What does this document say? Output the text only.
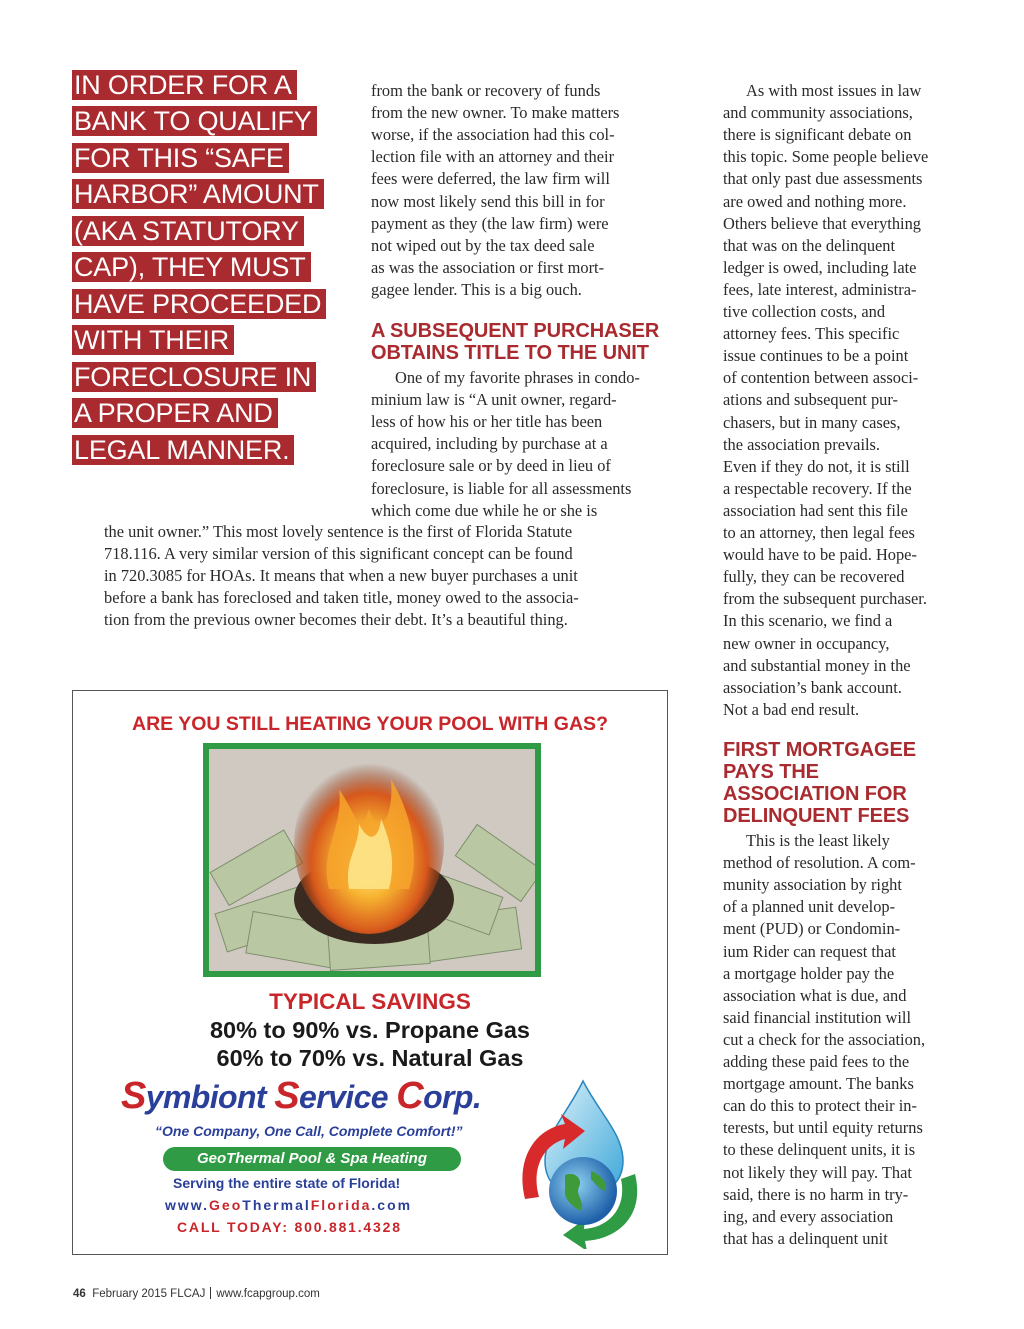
IN ORDER FOR A
BANK TO QUALIFY
FOR THIS “SAFE
HARBOR” AMOUNT
(AKA STATUTORY
CAP), THEY MUST
HAVE PROCEEDED
WITH THEIR
FORECLOSURE IN
A PROPER AND
LEGAL MANNER.
from the bank or recovery of funds
from the new owner. To make matters
worse, if the association had this col-
lection file with an attorney and their
fees were deferred, the law firm will
now most likely send this bill in for
payment as they (the law firm) were
not wiped out by the tax deed sale
as was the association or first mort-
gagee lender. This is a big ouch.
A SUBSEQUENT PURCHASER
OBTAINS TITLE TO THE UNIT
One of my favorite phrases in condo-
minium law is “A unit owner, regard-
less of how his or her title has been
acquired, including by purchase at a
foreclosure sale or by deed in lieu of
foreclosure, is liable for all assessments
which come due while he or she is
the unit owner.” This most lovely sentence is the first of Florida Statute
718.116. A very similar version of this significant concept can be found
in 720.3085 for HOAs. It means that when a new buyer purchases a unit
before a bank has foreclosed and taken title, money owed to the associa-
tion from the previous owner becomes their debt. It’s a beautiful thing.
As with most issues in law
and community associations,
there is significant debate on
this topic. Some people believe
that only past due assessments
are owed and nothing more.
Others believe that everything
that was on the delinquent
ledger is owed, including late
fees, late interest, administra-
tive collection costs, and
attorney fees. This specific
issue continues to be a point
of contention between associ-
ations and subsequent pur-
chasers, but in many cases,
the association prevails.
Even if they do not, it is still
a respectable recovery. If the
association had sent this file
to an attorney, then legal fees
would have to be paid. Hope-
fully, they can be recovered
from the subsequent purchaser.
In this scenario, we find a
new owner in occupancy,
and substantial money in the
association’s bank account.
Not a bad end result.
FIRST MORTGAGEE
PAYS THE
ASSOCIATION FOR
DELINQUENT FEES
This is the least likely
method of resolution. A com-
munity association by right
of a planned unit develop-
ment (PUD) or Condomin-
ium Rider can request that
a mortgage holder pay the
association what is due, and
said financial institution will
cut a check for the association,
adding these paid fees to the
mortgage amount. The banks
can do this to protect their in-
terests, but until equity returns
to these delinquent units, it is
not likely they will pay. That
said, there is no harm in try-
ing, and every association
that has a delinquent unit
ARE YOU STILL HEATING YOUR POOL WITH GAS?
TYPICAL SAVINGS
80% to 90% vs. Propane Gas
60% to 70% vs. Natural Gas
Symbiont Service Corp.
“One Company, One Call, Complete Comfort!”
GeoThermal Pool & Spa Heating
Serving the entire state of Florida!
www.GeoThermalFlorida.com
CALL TODAY: 800.881.4328
46 February 2015 FLCAJ www.fcapgroup.com
